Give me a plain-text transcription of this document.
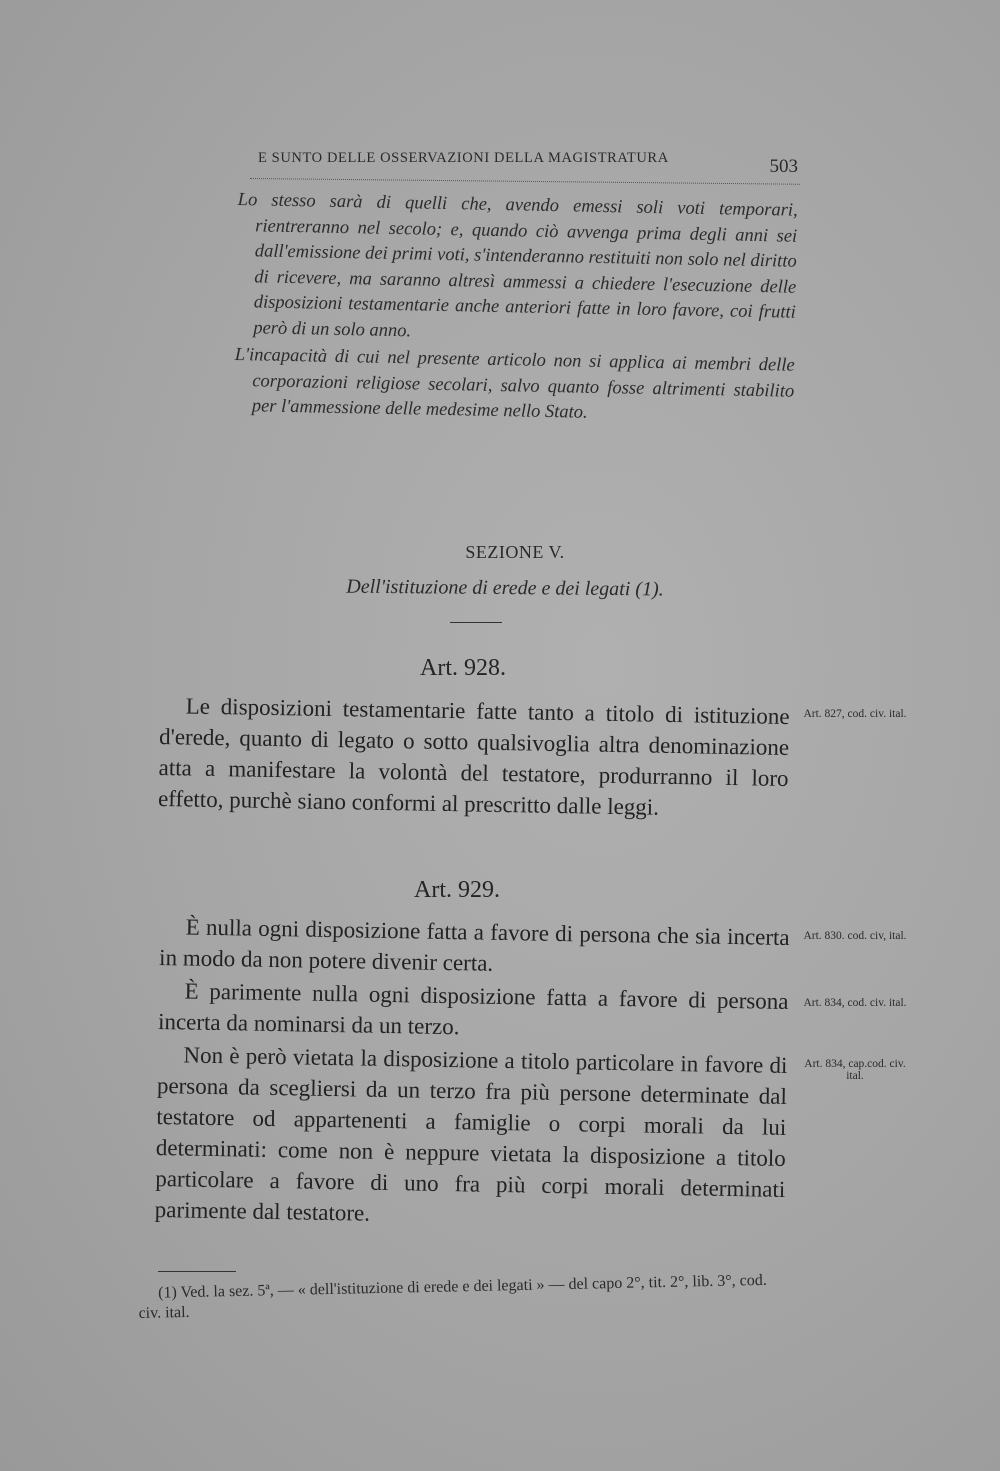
E SUNTO DELLE OSSERVAZIONI DELLA MAGISTRATURA	503

Lo stesso sarà di quelli che, avendo emessi soli voti temporari, rientreranno nel secolo; e, quando ciò avvenga prima degli anni sei dall'emissione dei primi voti, s'intenderanno restituiti non solo nel diritto di ricevere, ma saranno altresì ammessi a chiedere l'esecuzione delle disposizioni testamentarie anche anteriori fatte in loro favore, coi frutti però di un solo anno.

L'incapacità di cui nel presente articolo non si applica ai membri delle corporazioni religiose secolari, salvo quanto fosse altrimenti stabilito per l'ammessione delle medesime nello Stato.

SEZIONE V.
Dell'istituzione di erede e dei legati (1).
Art. 928.

Le disposizioni testamentarie fatte tanto a titolo di istituzione d'erede, quanto di legato o sotto qualsivoglia altra denominazione atta a manifestare la volontà del testatore, produrranno il loro effetto, purchè siano conformi al prescritto dalle leggi.

Art. 827, cod. civ. ital.
Art. 929.

È nulla ogni disposizione fatta a favore di persona che sia incerta in modo da non potere divenir certa.

È parimente nulla ogni disposizione fatta a favore di persona incerta da nominarsi da un terzo.

Non è però vietata la disposizione a titolo particolare in favore di persona da scegliersi da un terzo fra più persone determinate dal testatore od appartenenti a famiglie o corpi morali da lui determinati: come non è neppure vietata la disposizione a titolo particolare a favore di uno fra più corpi morali determinati parimente dal testatore.

Art. 830. cod. civ, ital.
Art. 834, cod. civ. ital.
Art. 834, cap.cod. civ. ital.

(1) Ved. la sez. 5ª, — « dell'istituzione di erede e dei legati » — del capo 2°, tit. 2°, lib. 3°, cod. civ. ital.
